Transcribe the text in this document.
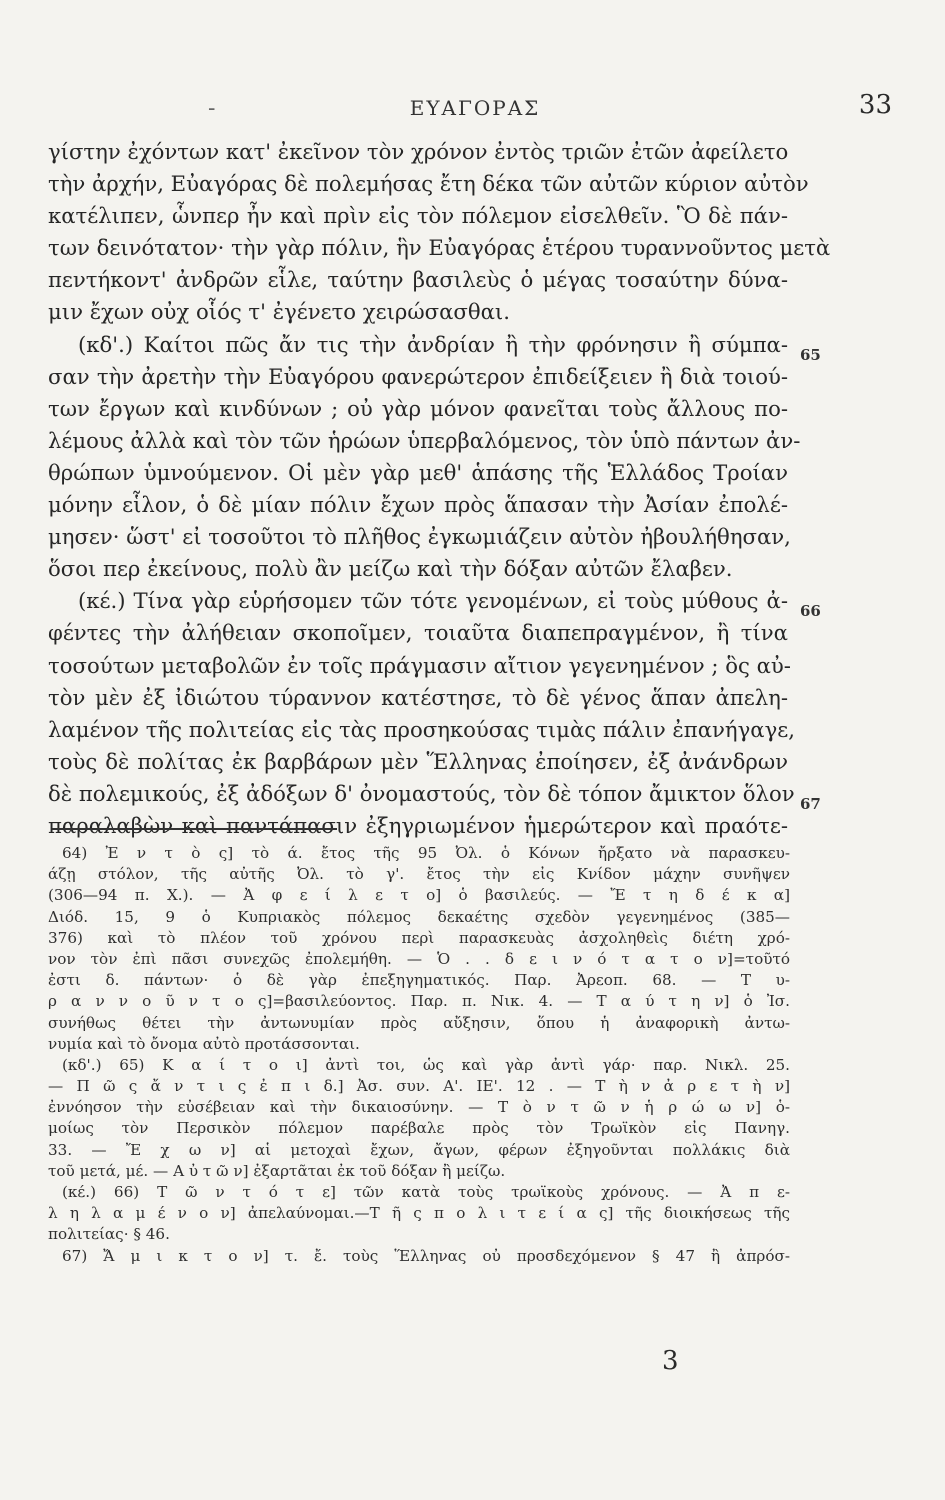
-	ΕΥΑΓΟΡΑΣ	33
γίστην ἐχόντων κατ' ἐκεῖνον τὸν χρόνον ἐντὸς τριῶν ἐτῶν ἀφείλετο
τὴν ἀρχήν, Εὐαγόρας δὲ πολεμήσας ἔτη δέκα τῶν αὐτῶν κύριον αὐτὸν
κατέλιπεν, ὧνπερ ἦν καὶ πρὶν εἰς τὸν πόλεμον εἰσελθεῖν. Ὃ δὲ πάν-
των δεινότατον· τὴν γὰρ πόλιν, ἣν Εὐαγόρας ἑτέρου τυραννοῦντος μετὰ
πεντήκοντ' ἀνδρῶν εἷλε, ταύτην βασιλεὺς ὁ μέγας τοσαύτην δύνα-
μιν ἔχων οὐχ οἷός τ' ἐγένετο χειρώσασθαι.
(κδ'.) Καίτοι πῶς ἄν τις τὴν ἀνδρίαν ἢ τὴν φρόνησιν ἢ σύμπα-
σαν τὴν ἀρετὴν τὴν Εὐαγόρου φανερώτερον ἐπιδείξειεν ἢ διὰ τοιού-
των ἔργων καὶ κινδύνων ; οὐ γὰρ μόνον φανεῖται τοὺς ἄλλους πο-
λέμους ἀλλὰ καὶ τὸν τῶν ἡρώων ὑπερβαλόμενος, τὸν ὑπὸ πάντων ἀν-
θρώπων ὑμνούμενον. Οἱ μὲν γὰρ μεθ' ἁπάσης τῆς Ἑλλάδος Τροίαν
μόνην εἷλον, ὁ δὲ μίαν πόλιν ἔχων πρὸς ἅπασαν τὴν Ἀσίαν ἐπολέ-
μησεν· ὥστ' εἰ τοσοῦτοι τὸ πλῆθος ἐγκωμιάζειν αὐτὸν ἠβουλήθησαν,
ὅσοι περ ἐκείνους, πολὺ ἂν μείζω καὶ τὴν δόξαν αὐτῶν ἔλαβεν.
(κέ.) Τίνα γὰρ εὑρήσομεν τῶν τότε γενομένων, εἰ τοὺς μύθους ἀ-
φέντες τὴν ἀλήθειαν σκοποῖμεν, τοιαῦτα διαπεπραγμένον, ἢ τίνα
τοσούτων μεταβολῶν ἐν τοῖς πράγμασιν αἴτιον γεγενημένον ; ὃς αὐ-
τὸν μὲν ἐξ ἰδιώτου τύραννον κατέστησε, τὸ δὲ γένος ἅπαν ἀπελη-
λαμένον τῆς πολιτείας εἰς τὰς προσηκούσας τιμὰς πάλιν ἐπανήγαγε,
τοὺς δὲ πολίτας ἐκ βαρβάρων μὲν Ἕλληνας ἐποίησεν, ἐξ ἀνάνδρων
δὲ πολεμικούς, ἐξ ἀδόξων δ' ὀνομαστούς, τὸν δὲ τόπον ἄμικτον ὅλον
παραλαβὼν καὶ παντάπασιν ἐξηγριωμένον ἡμερώτερον καὶ πραότε-
65
66
67
64) Ἐ ν τ ὸ ς] τὸ ά. ἔτος τῆς 95 Ὀλ. ὁ Κόνων ἤρξατο νὰ παρασκευ-
άζῃ στόλον, τῆς αὐτῆς Ὀλ. τὸ γ'. ἔτος τὴν εἰς Κνίδον μάχην συνῆψεν
(306—94 π. Χ.). — Ἀ φ ε ί λ ε τ ο] ὁ βασιλεύς. — Ἔ τ η δ έ κ α]
Διόδ. 15, 9 ὁ Κυπριακὸς πόλεμος δεκαέτης σχεδὸν γεγενημένος (385—
376) καὶ τὸ πλέον τοῦ χρόνου περὶ παρασκευὰς ἀσχοληθεὶς διέτη χρό-
νον τὸν ἐπὶ πᾶσι συνεχῶς ἐπολεμήθη. — Ὁ . . δ ε ι ν ό τ α τ ο ν]=τοῦτό
ἐστι δ. πάντων· ὁ δὲ γὰρ ἐπεξηγηματικός. Παρ. Ἀρεοπ. 68. — Τ υ-
ρ α ν ν ο ῦ ν τ ο ς]=βασιλεύοντος. Παρ. π. Νικ. 4. — Τ α ύ τ η ν] ὁ Ἰσ.
συνήθως θέτει τὴν ἀντωνυμίαν πρὸς αὔξησιν, ὅπου ἡ ἀναφορικὴ ἀντω-
νυμία καὶ τὸ ὄνομα αὐτὸ προτάσσονται.
(κδ'.) 65) Κ α ί τ ο ι] ἀντὶ τοι, ὡς καὶ γὰρ ἀντὶ γάρ· παρ. Νικλ. 25.
— Π ῶ ς ἄ ν τ ι ς ἐ π ι δ.] Ἀσ. συν. Α'. ΙΕ'. 12 . — Τ ὴ ν ἀ ρ ε τ ὴ ν]
ἐννόησον τὴν εὐσέβειαν καὶ τὴν δικαιοσύνην. — Τ ὸ ν τ ῶ ν ἡ ρ ώ ω ν] ὁ-
μοίως τὸν Περσικὸν πόλεμον παρέβαλε πρὸς τὸν Τρωϊκὸν εἰς Πανηγ.
33. — Ἔ χ ω ν] αἱ μετοχαὶ ἔχων, ἄγων, φέρων ἐξηγοῦνται πολλάκις διὰ
τοῦ μετά, μέ. — Α ὐ τ ῶ ν] ἐξαρτᾶται ἐκ τοῦ δόξαν ἢ μείζω.
(κέ.) 66) Τ ῶ ν τ ό τ ε] τῶν κατὰ τοὺς τρωϊκοὺς χρόνους. — Ἀ π ε-
λ η λ α μ έ ν ο ν] ἀπελαύνομαι.—Τ ῆ ς π ο λ ι τ ε ί α ς] τῆς διοικήσεως τῆς
πολιτείας· § 46.
67) Ἄ μ ι κ τ ο ν] τ. ἔ. τοὺς Ἕλληνας οὐ προσδεχόμενον § 47 ἢ ἀπρόσ-
3
